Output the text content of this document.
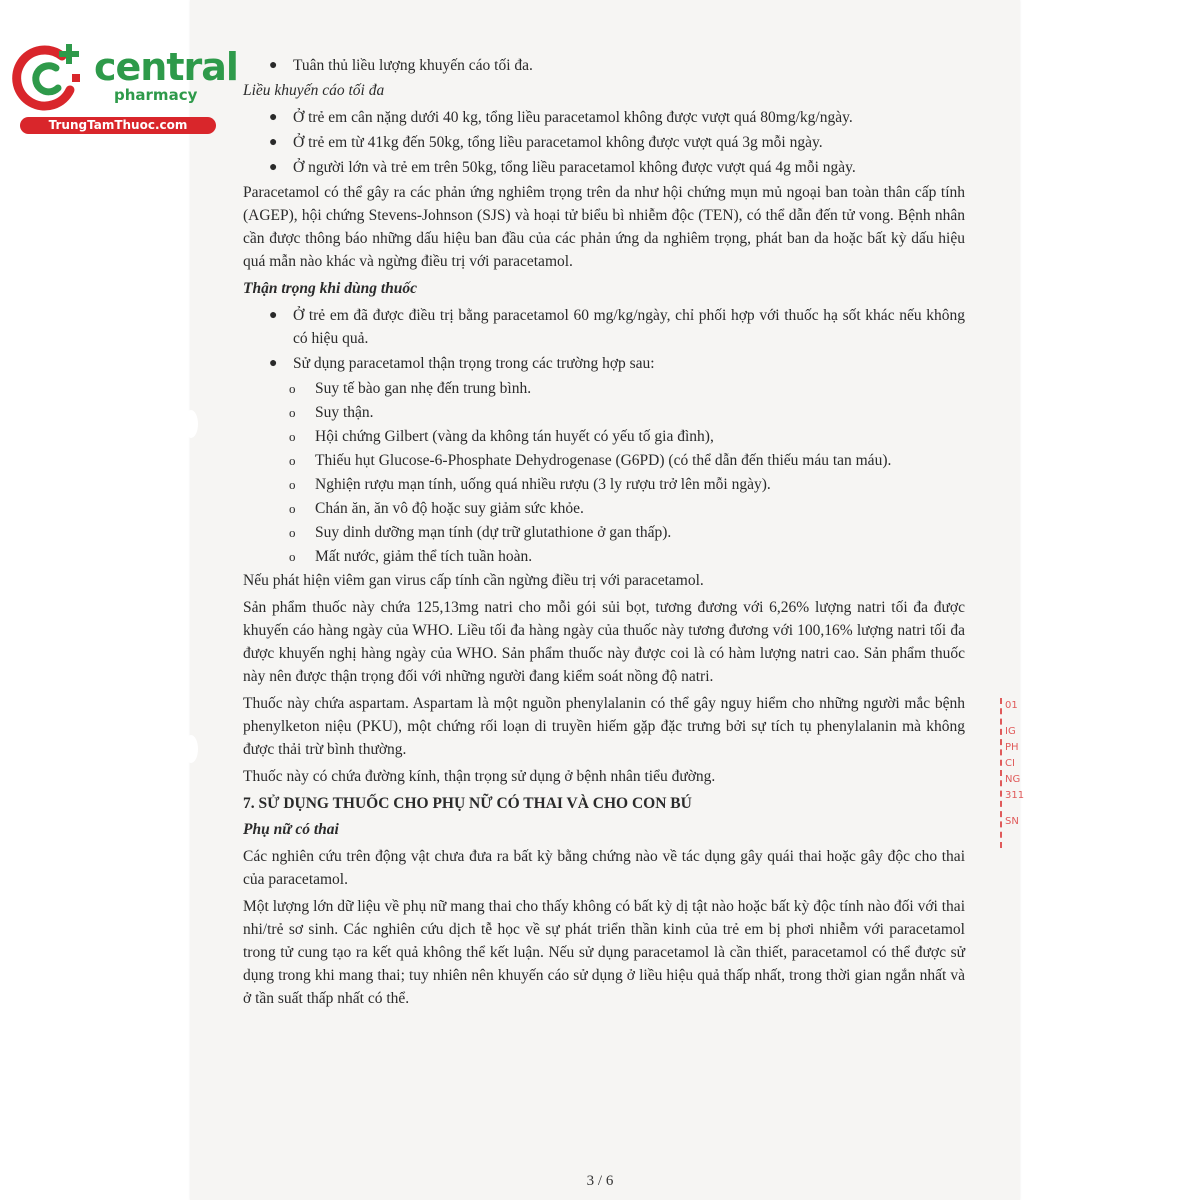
central
pharmacy
TrungTamThuoc.com
● Tuân thủ liều lượng khuyến cáo tối đa.
Liều khuyến cáo tối đa
● Ở trẻ em cân nặng dưới 40 kg, tổng liều paracetamol không được vượt quá 80mg/kg/ngày.
● Ở trẻ em từ 41kg đến 50kg, tổng liều paracetamol không được vượt quá 3g mỗi ngày.
● Ở người lớn và trẻ em trên 50kg, tổng liều paracetamol không được vượt quá 4g mỗi ngày.

Paracetamol có thể gây ra các phản ứng nghiêm trọng trên da như hội chứng mụn mủ ngoại ban toàn thân cấp tính (AGEP), hội chứng Stevens-Johnson (SJS) và hoại tử biểu bì nhiễm độc (TEN), có thể dẫn đến tử vong. Bệnh nhân cần được thông báo những dấu hiệu ban đầu của các phản ứng da nghiêm trọng, phát ban da hoặc bất kỳ dấu hiệu quá mẫn nào khác và ngừng điều trị với paracetamol.

Thận trọng khi dùng thuốc
● Ở trẻ em đã được điều trị bằng paracetamol 60 mg/kg/ngày, chỉ phối hợp với thuốc hạ sốt khác nếu không có hiệu quả.
● Sử dụng paracetamol thận trọng trong các trường hợp sau:
o Suy tế bào gan nhẹ đến trung bình.
o Suy thận.
o Hội chứng Gilbert (vàng da không tán huyết có yếu tố gia đình),
o Thiếu hụt Glucose-6-Phosphate Dehydrogenase (G6PD) (có thể dẫn đến thiếu máu tan máu).
o Nghiện rượu mạn tính, uống quá nhiều rượu (3 ly rượu trở lên mỗi ngày).
o Chán ăn, ăn vô độ hoặc suy giảm sức khỏe.
o Suy dinh dưỡng mạn tính (dự trữ glutathione ở gan thấp).
o Mất nước, giảm thể tích tuần hoàn.

Nếu phát hiện viêm gan virus cấp tính cần ngừng điều trị với paracetamol.

Sản phẩm thuốc này chứa 125,13mg natri cho mỗi gói sủi bọt, tương đương với 6,26% lượng natri tối đa được khuyến cáo hàng ngày của WHO. Liều tối đa hàng ngày của thuốc này tương đương với 100,16% lượng natri tối đa được khuyến nghị hàng ngày của WHO. Sản phẩm thuốc này được coi là có hàm lượng natri cao. Sản phẩm thuốc này nên được thận trọng đối với những người đang kiểm soát nồng độ natri.

Thuốc này chứa aspartam. Aspartam là một nguồn phenylalanin có thể gây nguy hiểm cho những người mắc bệnh phenylketon niệu (PKU), một chứng rối loạn di truyền hiếm gặp đặc trưng bởi sự tích tụ phenylalanin mà không được thải trừ bình thường.

Thuốc này có chứa đường kính, thận trọng sử dụng ở bệnh nhân tiểu đường.

7. SỬ DỤNG THUỐC CHO PHỤ NỮ CÓ THAI VÀ CHO CON BÚ
Phụ nữ có thai

Các nghiên cứu trên động vật chưa đưa ra bất kỳ bằng chứng nào về tác dụng gây quái thai hoặc gây độc cho thai của paracetamol.

Một lượng lớn dữ liệu về phụ nữ mang thai cho thấy không có bất kỳ dị tật nào hoặc bất kỳ độc tính nào đối với thai nhi/trẻ sơ sinh. Các nghiên cứu dịch tễ học về sự phát triển thần kinh của trẻ em bị phơi nhiễm với paracetamol trong tử cung tạo ra kết quả không thể kết luận. Nếu sử dụng paracetamol là cần thiết, paracetamol có thể được sử dụng trong khi mang thai; tuy nhiên nên khuyến cáo sử dụng ở liều hiệu quả thấp nhất, trong thời gian ngắn nhất và ở tần suất thấp nhất có thể.

3 / 6
01
IG
PH
CI
NG
311
SN
